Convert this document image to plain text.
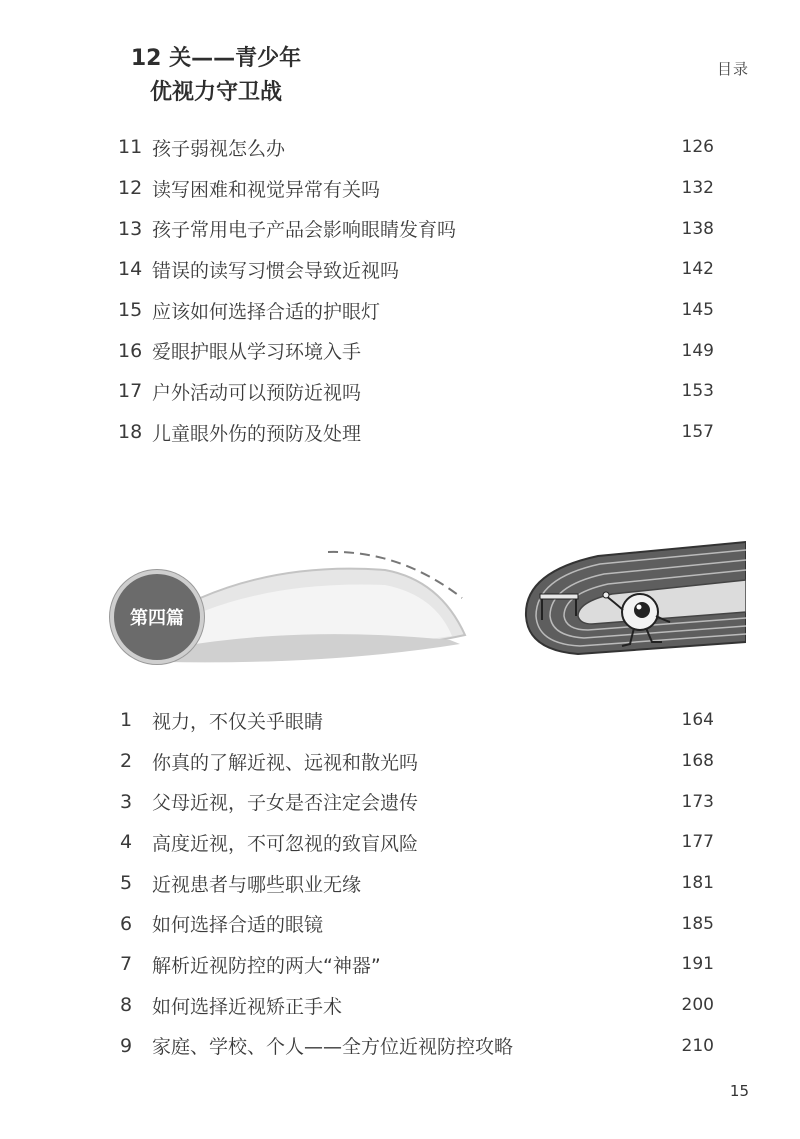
目录
11 孩子弱视怎么办	126
12 读写困难和视觉异常有关吗	132
13 孩子常用电子产品会影响眼睛发育吗	138
14 错误的读写习惯会导致近视吗	142
15 应该如何选择合适的护眼灯	145
16 爱眼护眼从学习环境入手	149
17 户外活动可以预防近视吗	153
18 儿童眼外伤的预防及处理	157
第四篇
12 关——青少年
优视力守卫战
1	视力，不仅关乎眼睛	164
2	你真的了解近视、远视和散光吗	168
3	父母近视，子女是否注定会遗传	173
4	高度近视，不可忽视的致盲风险	177
5	近视患者与哪些职业无缘	181
6	如何选择合适的眼镜	185
7	解析近视防控的两大“神器”	191
8	如何选择近视矫正手术	200
9	家庭、学校、个人——全方位近视防控攻略	210
15
